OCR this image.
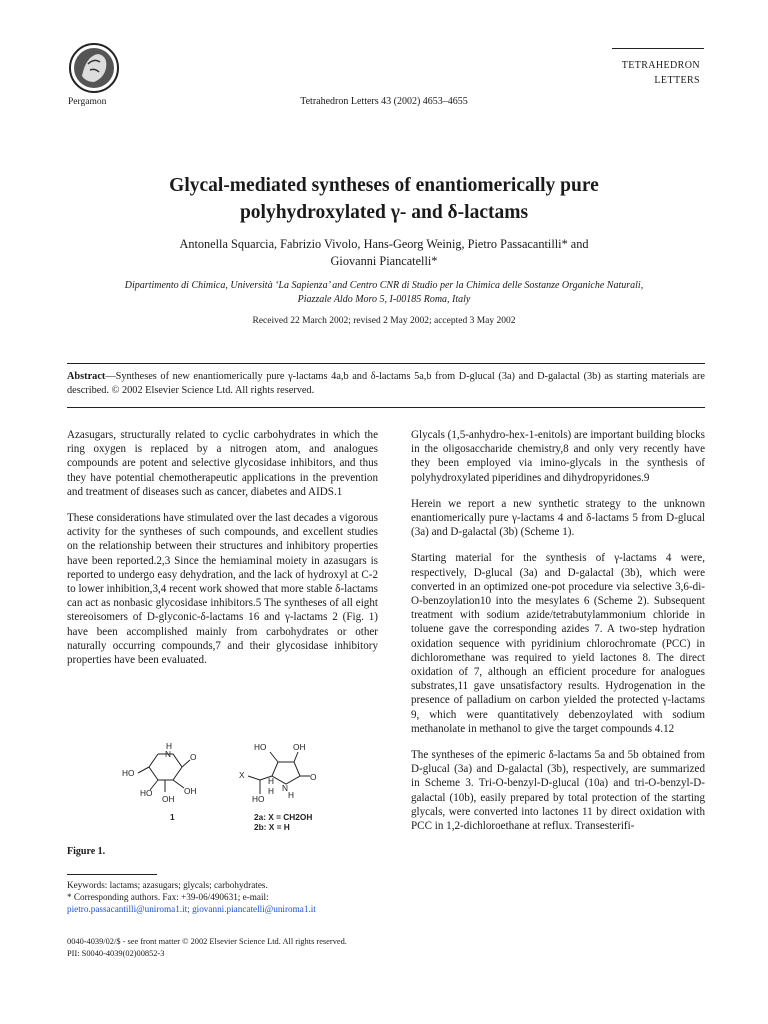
Pergamon	Tetrahedron Letters 43 (2002) 4653–4655
TETRAHEDRON
LETTERS
Glycal-mediated syntheses of enantiomerically pure
polyhydroxylated γ- and δ-lactams
Antonella Squarcia, Fabrizio Vivolo, Hans-Georg Weinig, Pietro Passacantilli* and
Giovanni Piancatelli*
Dipartimento di Chimica, Università ‘La Sapienza’ and Centro CNR di Studio per la Chimica delle Sostanze Organiche Naturali,
Piazzale Aldo Moro 5, I-00185 Roma, Italy
Received 22 March 2002; revised 2 May 2002; accepted 3 May 2002
Abstract—Syntheses of new enantiomerically pure γ-lactams 4a,b and δ-lactams 5a,b from D-glucal (3a) and D-galactal (3b) as starting materials are described. © 2002 Elsevier Science Ltd. All rights reserved.

Azasugars, structurally related to cyclic carbohydrates in which the ring oxygen is replaced by a nitrogen atom, and analogues compounds are potent and selective glycosidase inhibitors, and thus they have potential chemotherapeutic applications in the prevention and treatment of diseases such as cancer, diabetes and AIDS.1

These considerations have stimulated over the last decades a vigorous activity for the syntheses of such compounds, and excellent studies on the relationship between their structures and inhibitory properties have been reported.2,3 Since the hemiaminal moiety in azasugars is reported to undergo easy dehydration, and the lack of hydroxyl at C-2 to lower inhibition,3,4 recent work showed that more stable δ-lactams can act as nonbasic glycosidase inhibitors.5 The syntheses of all eight stereoisomers of D-glyconic-δ-lactams 16 and γ-lactams 2 (Fig. 1) have been accomplished mainly from carbohydrates or other naturally occurring compounds,7 and their glycosidase inhibitory properties have been evaluated.

Glycals (1,5-anhydro-hex-1-enitols) are important building blocks in the oligosaccharide chemistry,8 and only very recently have they been employed via imino-glycals in the synthesis of polyhydroxylated piperidines and dihydropyridones.9

Herein we report a new synthetic strategy to the unknown enantiomerically pure γ-lactams 4 and δ-lactams 5 from D-glucal (3a) and D-galactal (3b) (Scheme 1).

Starting material for the synthesis of γ-lactams 4 were, respectively, D-glucal (3a) and D-galactal (3b), which were converted in an optimized one-pot procedure via selective 3,6-di-O-benzoylation10 into the mesylates 6 (Scheme 2). Subsequent treatment with sodium azide/tetrabutylammonium chloride in toluene gave the corresponding azides 7. A two-step hydration oxidation sequence with pyridinium chlorochromate (PCC) in dichloromethane was required to yield lactones 8. The direct oxidation of 7, although an efficient procedure for analogues substrates,11 gave unsatisfactory results. Hydrogenation in the presence of palladium on carbon yielded the protected γ-lactams 9, which were quantitatively debenzoylated with sodium methanolate in methanol to give the target compounds 4.12

The syntheses of the epimeric δ-lactams 5a and 5b obtained from D-glucal (3a) and D-galactal (3b), respectively, are summarized in Scheme 3. Tri-O-benzyl-D-glucal (10a) and tri-O-benzyl-D-galactal (10b), easily prepared by total protection of the starting glycals, were converted into lactones 11 by direct oxidation with PCC in 1,2-dichloroethane at reflux. Transesterifi-

H
N O
HO
HO	OH
OH
1
HO	OH
X	O
N
H
H H
HO
2a: X = CH2OH
2b: X = H
Figure 1.
Keywords: lactams; azasugars; glycals; carbohydrates.
* Corresponding authors. Fax: +39-06/490631; e-mail:
pietro.passacantilli@uniroma1.it; giovanni.piancatelli@uniroma1.it
0040-4039/02/$ - see front matter © 2002 Elsevier Science Ltd. All rights reserved.
PII: S0040-4039(02)00852-3
